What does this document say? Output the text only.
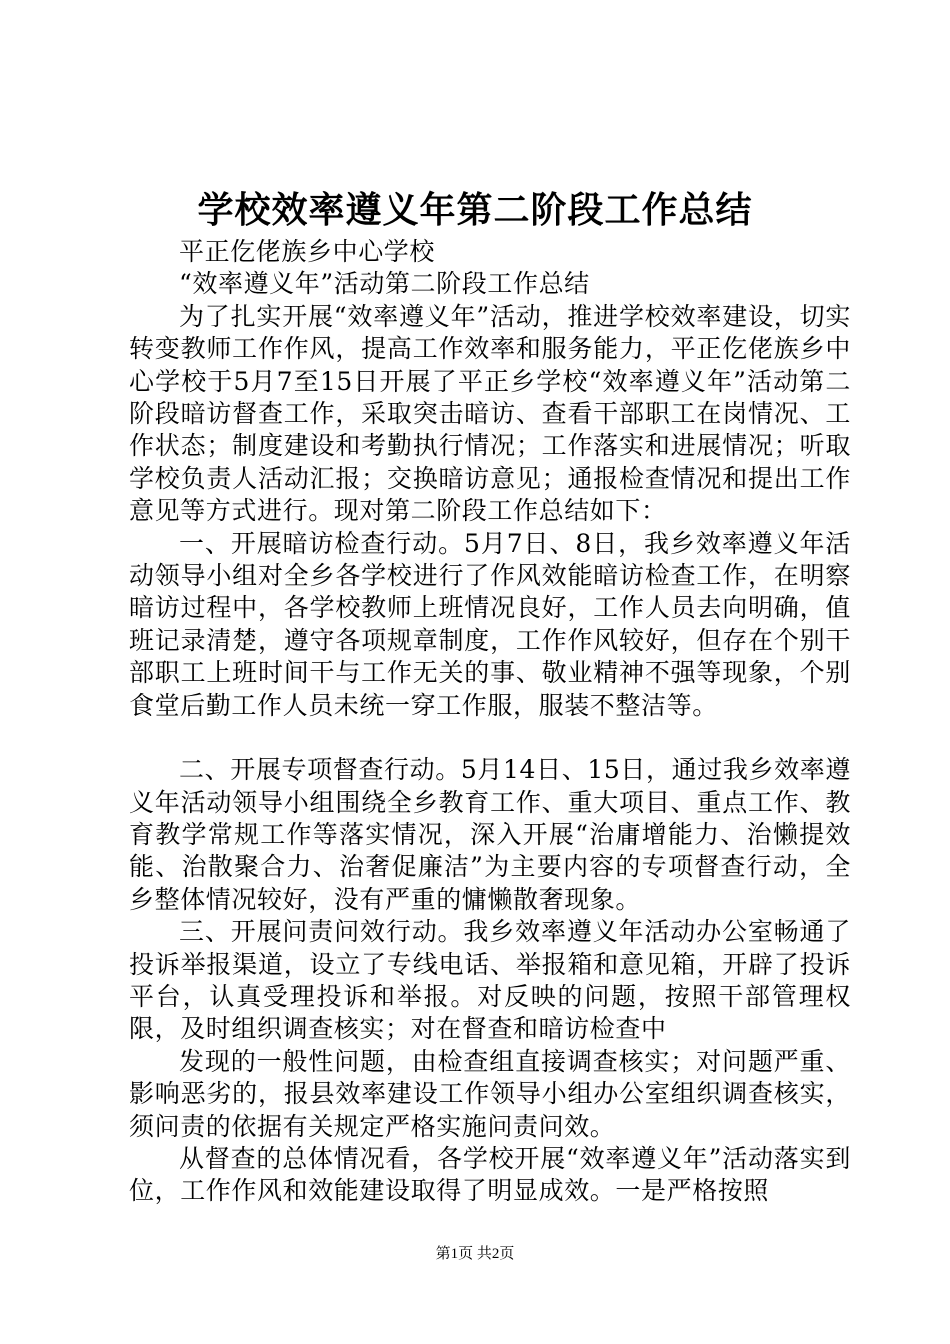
学校效率遵义年第二阶段工作总结

平正仡佬族乡中心学校

“效率遵义年”活动第二阶段工作总结

为了扎实开展“效率遵义年”活动，推进学校效率建设，切实转变教师工作作风，提高工作效率和服务能力，平正仡佬族乡中心学校于5月7至15日开展了平正乡学校“效率遵义年”活动第二阶段暗访督查工作，采取突击暗访、查看干部职工在岗情况、工作状态；制度建设和考勤执行情况；工作落实和进展情况；听取学校负责人活动汇报；交换暗访意见；通报检查情况和提出工作意见等方式进行。现对第二阶段工作总结如下：

一、开展暗访检查行动。5月7日、8日，我乡效率遵义年活动领导小组对全乡各学校进行了作风效能暗访检查工作，在明察暗访过程中，各学校教师上班情况良好，工作人员去向明确，值班记录清楚，遵守各项规章制度，工作作风较好，但存在个别干部职工上班时间干与工作无关的事、敬业精神不强等现象，个别食堂后勤工作人员未统一穿工作服，服装不整洁等。

二、开展专项督查行动。5月14日、15日，通过我乡效率遵义年活动领导小组围绕全乡教育工作、重大项目、重点工作、教育教学常规工作等落实情况，深入开展“治庸增能力、治懒提效能、治散聚合力、治奢促廉洁”为主要内容的专项督查行动，全乡整体情况较好，没有严重的慵懒散奢现象。

三、开展问责问效行动。我乡效率遵义年活动办公室畅通了投诉举报渠道，设立了专线电话、举报箱和意见箱，开辟了投诉平台，认真受理投诉和举报。对反映的问题，按照干部管理权限，及时组织调查核实；对在督查和暗访检查中

发现的一般性问题，由检查组直接调查核实；对问题严重、影响恶劣的，报县效率建设工作领导小组办公室组织调查核实，须问责的依据有关规定严格实施问责问效。

从督查的总体情况看，各学校开展“效率遵义年”活动落实到位，工作作风和效能建设取得了明显成效。一是严格按照

第1页 共2页
